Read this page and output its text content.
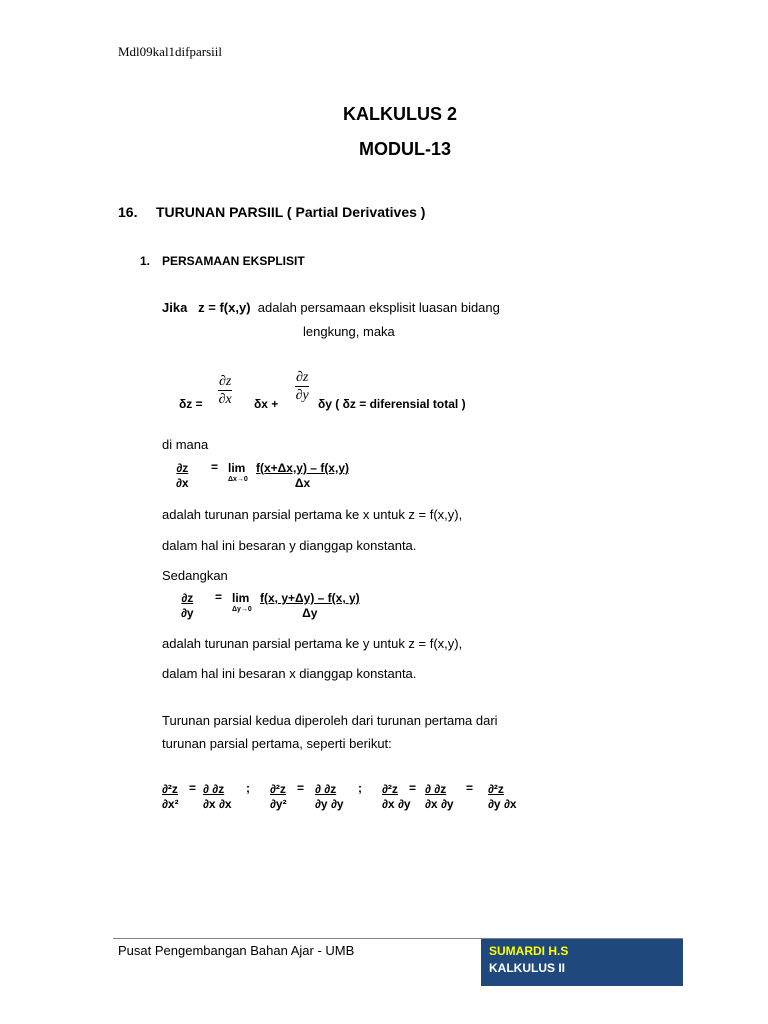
Mdl09kal1difparsiil
KALKULUS 2
MODUL-13
16. TURUNAN PARSIIL ( Partial Derivatives )
1. PERSAMAAN EKSPLISIT
Jika z = f(x,y) adalah persamaan eksplisit luasan bidang
lengkung, maka
δz =
∂z
∂x δx +
∂z
∂y
δy ( δz = diferensial total )
di mana
$\frac{\partial z}{\partial x} = \lim$
$\Delta x\to 0 \frac{f(x+\Delta x,y) - f(x,y)}{\Delta x}$
adalah turunan parsial pertama ke x untuk z = f(x,y),
dalam hal ini besaran y dianggap konstanta.
Sedangkan
$\frac{\partial z}{\partial y} = \lim$
$\Delta y\to 0 \frac{f(x, y+\Delta y) - f(x, y)}{\Delta y}$
adalah turunan parsial pertama ke y untuk z = f(x,y),
dalam hal ini besaran x dianggap konstanta.
Turunan parsial kedua diperoleh dari turunan pertama dari
turunan parsial pertama, seperti berikut:
$\frac{\text{∂²z}}{\text{∂x²}} = \frac{\partial \partial z}{\partial x \partial x}$ ; $\frac{\text{∂²z}}{\text{∂y²}} = \frac{\partial \partial z}{\partial y \partial y}$ ; $\frac{\text{∂²z}}{\partial x \partial y}$
= $\frac{\partial \partial z}{\partial x \partial y} = \frac{\text{∂²z}}{\partial y \partial x}$
Pusat Pengembangan Bahan Ajar - UMB	SUMARDI H.S
KALKULUS II
